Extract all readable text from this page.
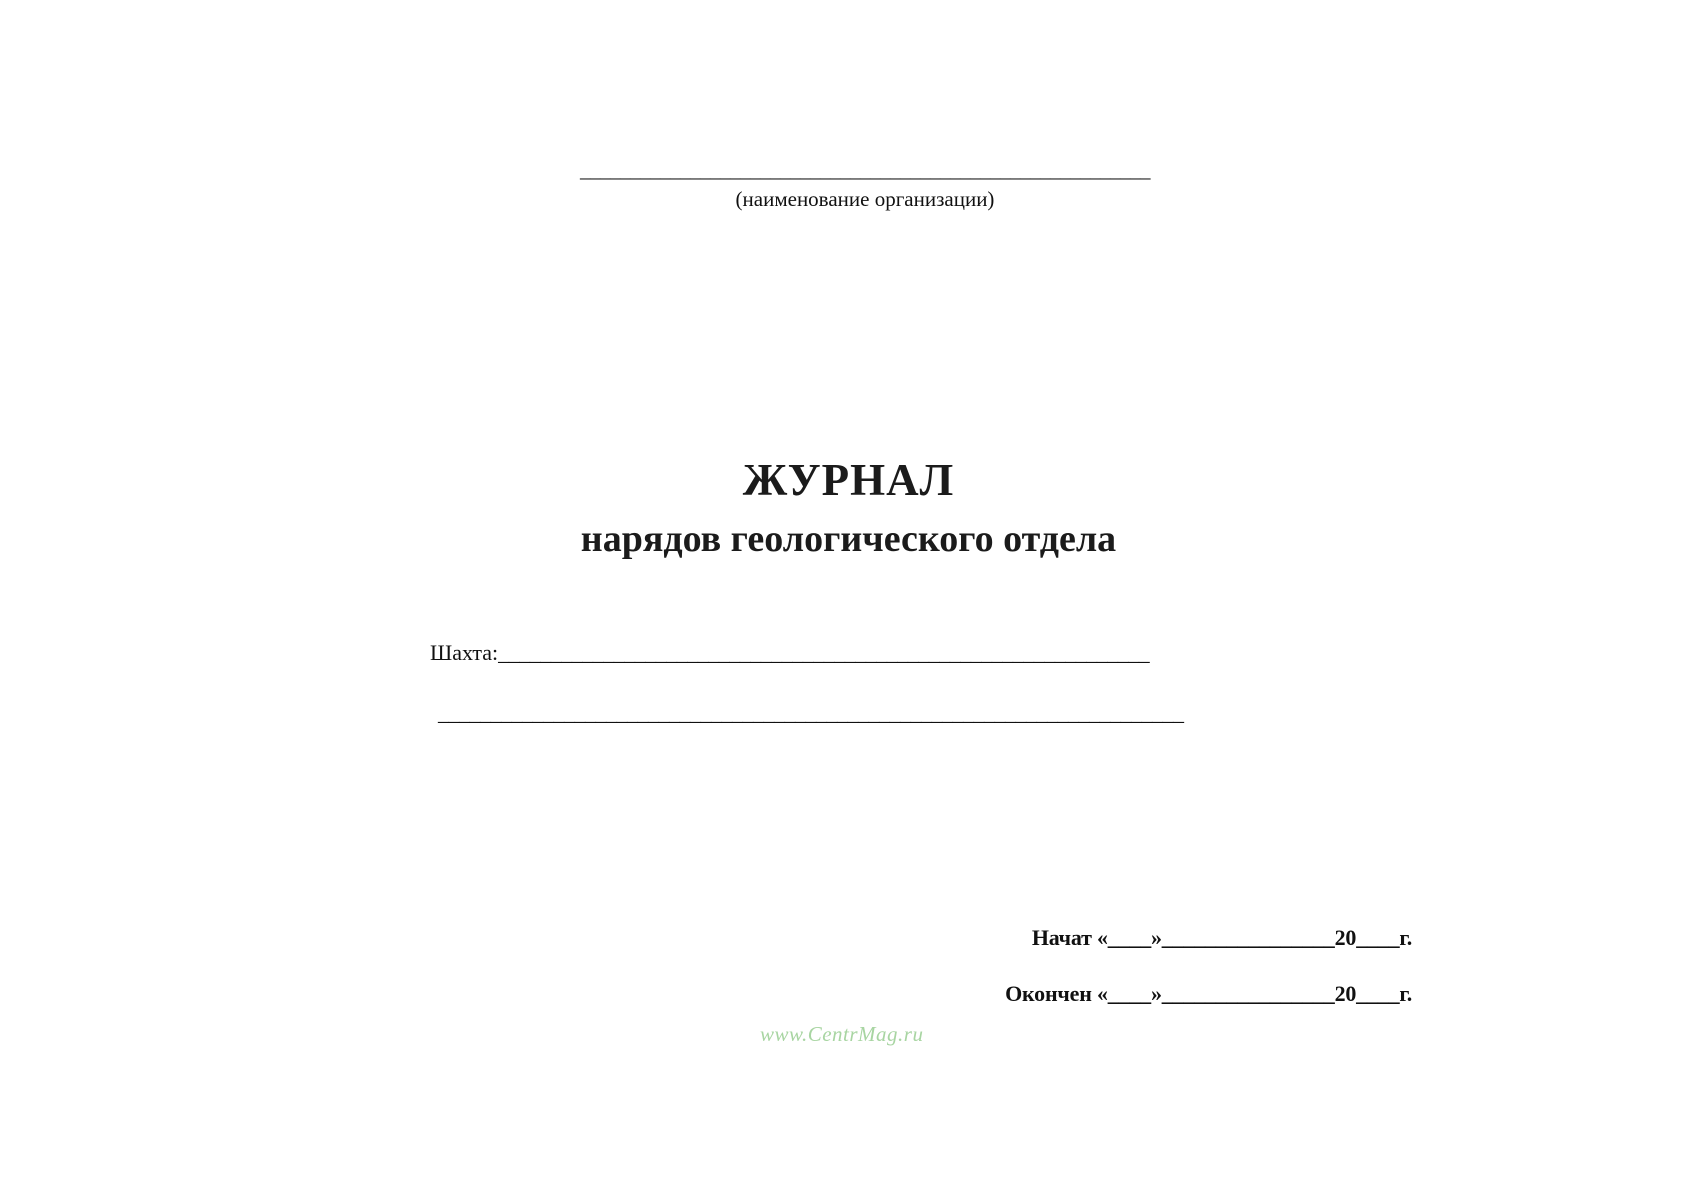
_________________________________________________________
(наименование организации)
ЖУРНАЛ
нарядов геологического отдела
Шахта:______________________________________________________________
_______________________________________________________________________
Начат «____»________________20____г.
Окончен «____»________________20____г.
www.CentrMag.ru
